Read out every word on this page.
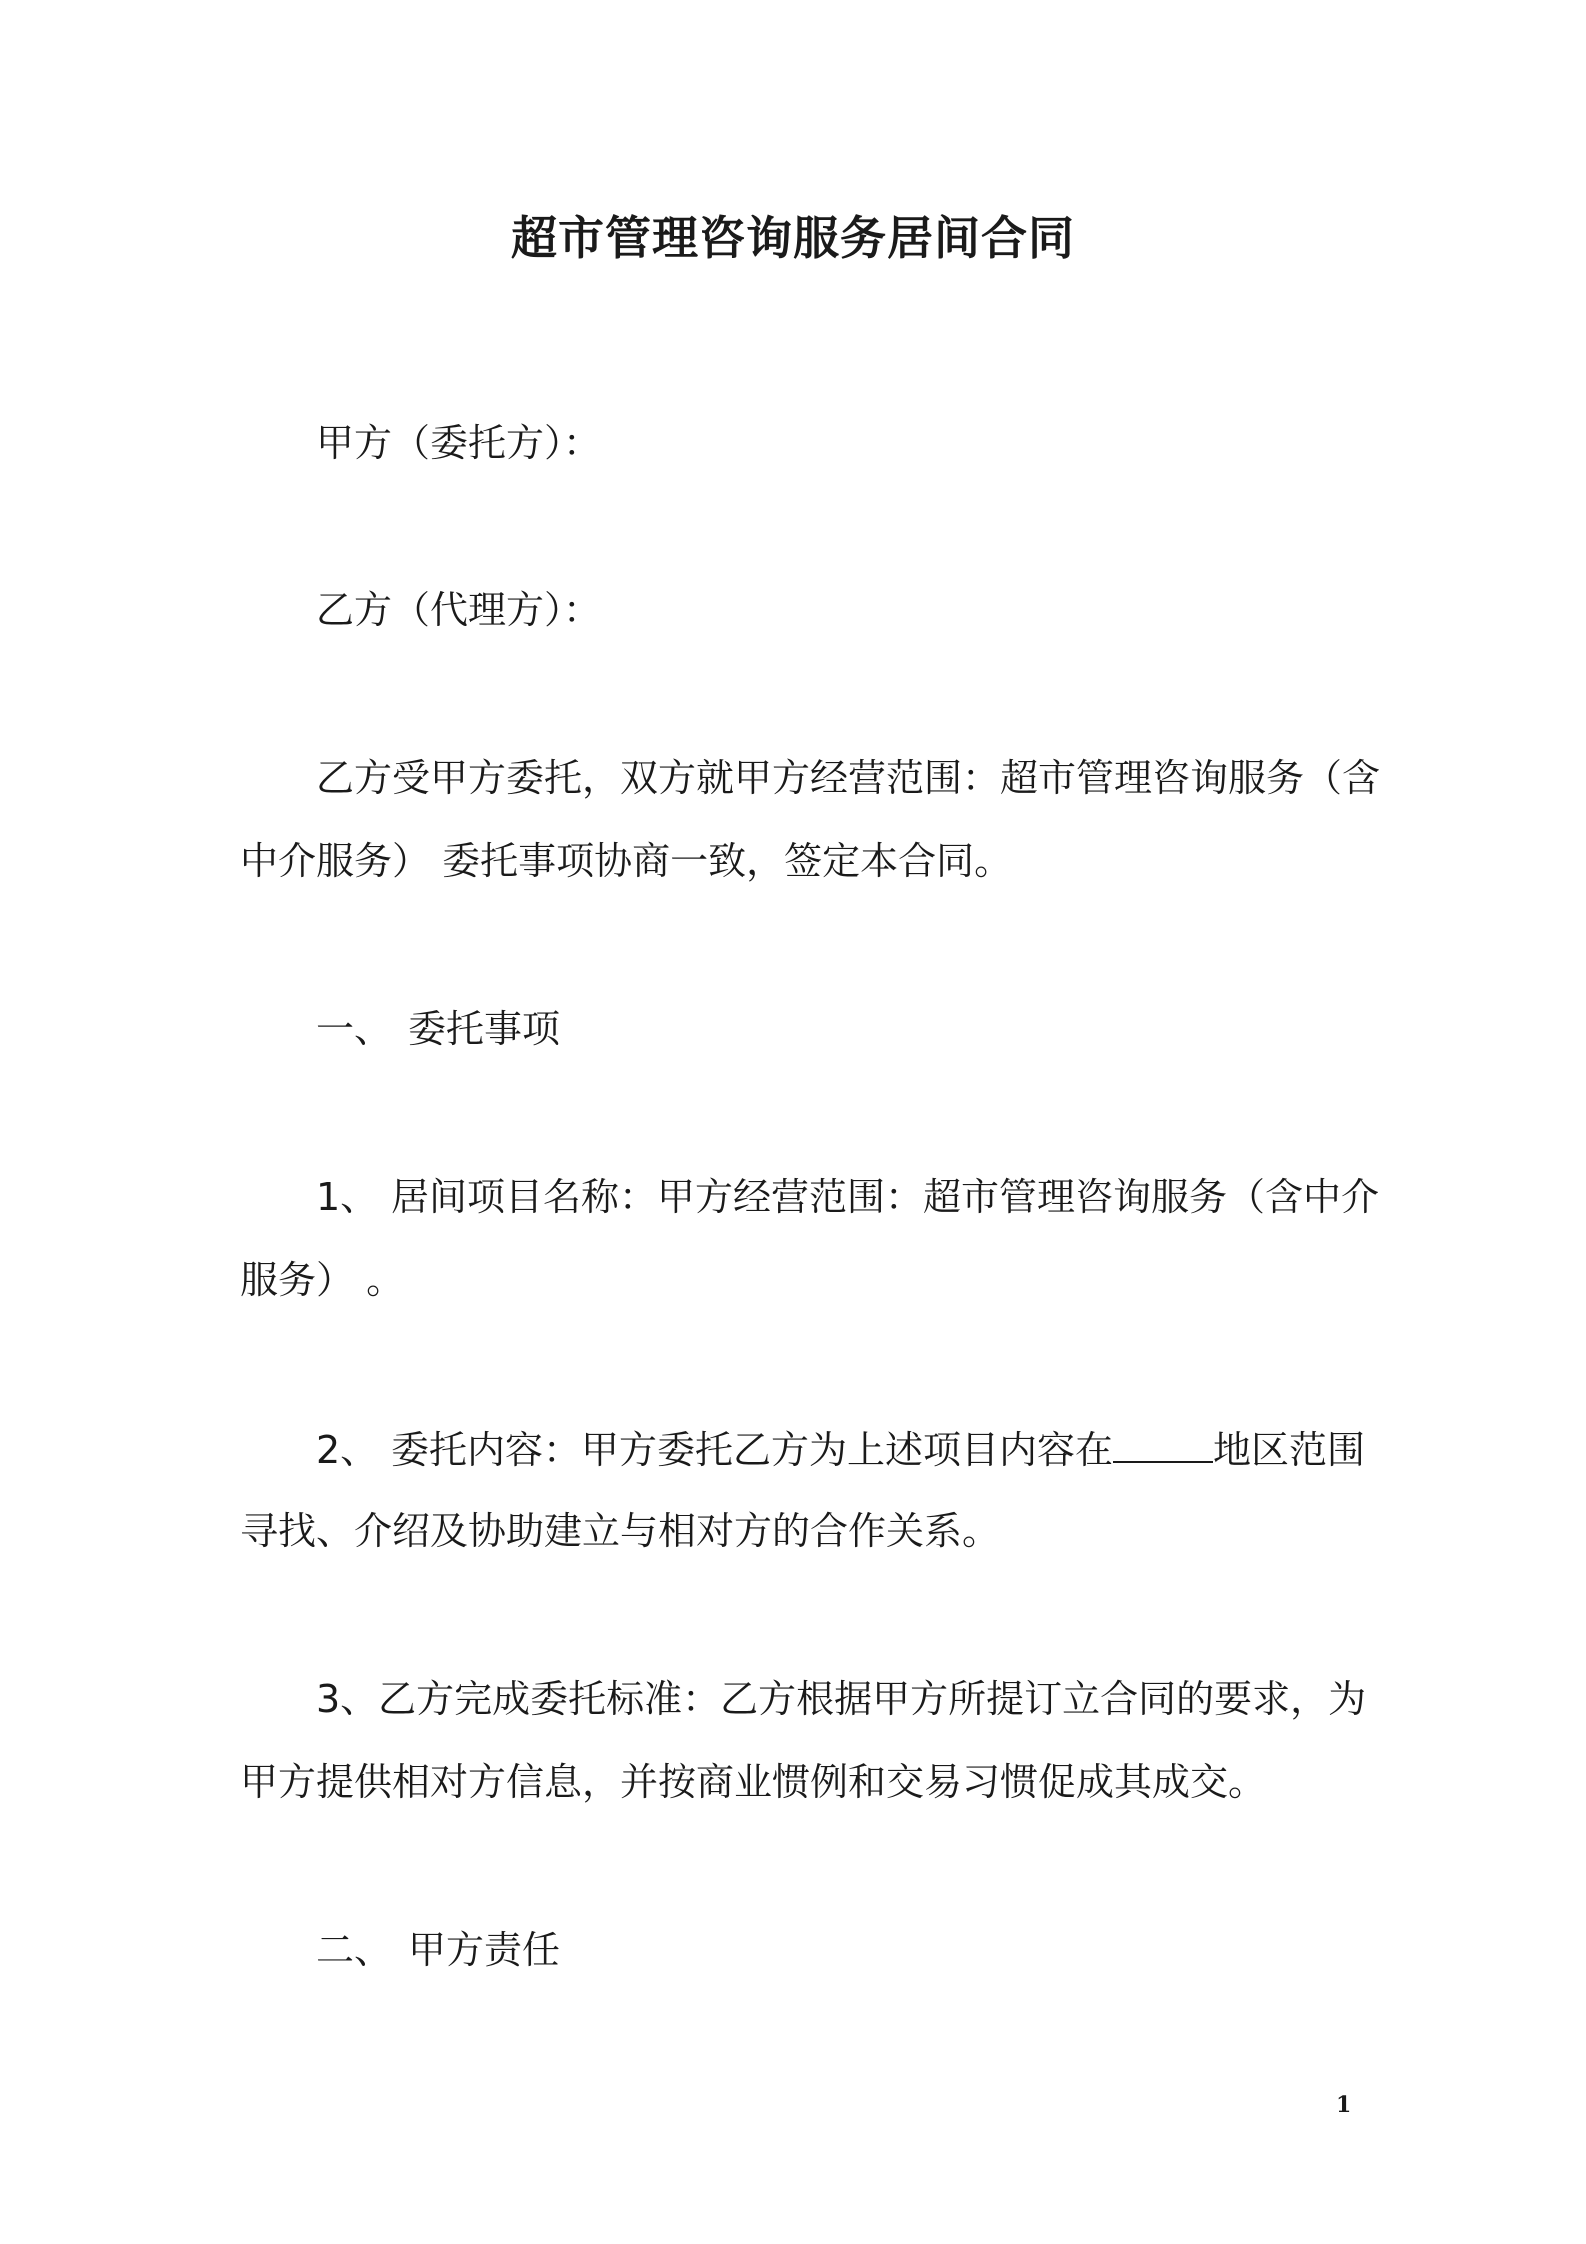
超市管理咨询服务居间合同
甲方（委托方）：
乙方（代理方）：
乙方受甲方委托，双方就甲方经营范围：超市管理咨询服务（含
中介服务） 委托事项协商一致，签定本合同。
一、 委托事项
1、 居间项目名称：甲方经营范围：超市管理咨询服务（含中介
服务） 。
2、 委托内容：甲方委托乙方为上述项目内容在	地区范围
寻找、介绍及协助建立与相对方的合作关系。
3、乙方完成委托标准：乙方根据甲方所提订立合同的要求，为
甲方提供相对方信息，并按商业惯例和交易习惯促成其成交。
二、 甲方责任
1
